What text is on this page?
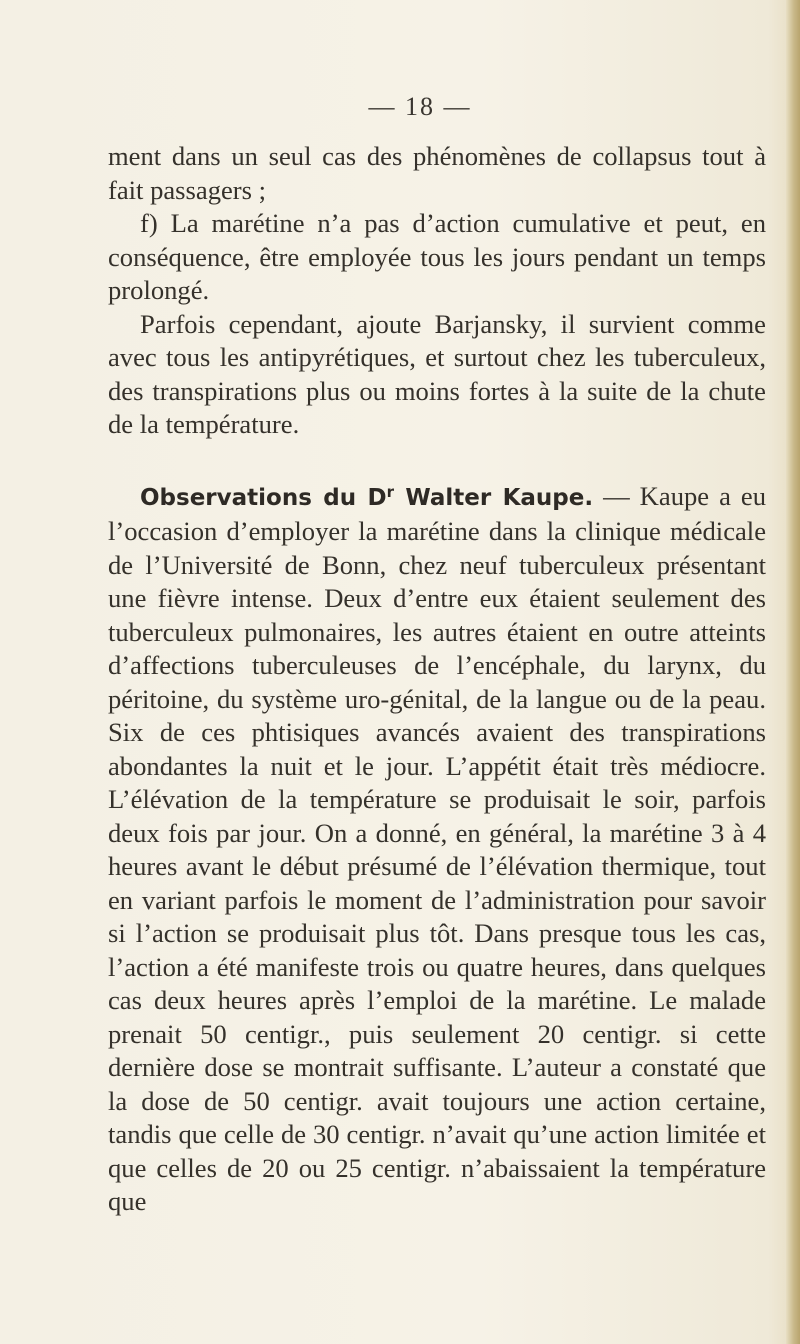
— 18 —

ment dans un seul cas des phénomènes de collapsus tout à fait passagers ;

f) La marétine n’a pas d’action cumulative et peut, en conséquence, être employée tous les jours pendant un temps prolongé.

Parfois cependant, ajoute Barjansky, il survient comme avec tous les antipyrétiques, et surtout chez les tuberculeux, des transpirations plus ou moins fortes à la suite de la chute de la température.

Observations du $D^r$ Walter Kaupe. — Kaupe a eu l’occasion d’employer la marétine dans la clinique médicale de l’Université de Bonn, chez neuf tuberculeux présentant une fièvre intense. Deux d’entre eux étaient seulement des tuberculeux pulmonaires, les autres étaient en outre atteints d’affections tuberculeuses de l’encéphale, du larynx, du péritoine, du système uro-génital, de la langue ou de la peau. Six de ces phtisiques avancés avaient des transpirations abondantes la nuit et le jour. L’appétit était très médiocre. L’élévation de la température se produisait le soir, parfois deux fois par jour. On a donné, en général, la marétine 3 à 4 heures avant le début présumé de l’élévation thermique, tout en variant parfois le moment de l’administration pour savoir si l’action se produisait plus tôt. Dans presque tous les cas, l’action a été manifeste trois ou quatre heures, dans quelques cas deux heures après l’emploi de la marétine. Le malade prenait 50 centigr., puis seulement 20 centigr. si cette dernière dose se montrait suffisante. L’auteur a constaté que la dose de 50 centigr. avait toujours une action certaine, tandis que celle de 30 centigr. n’avait qu’une action limitée et que celles de 20 ou 25 centigr. n’abaissaient la température que
